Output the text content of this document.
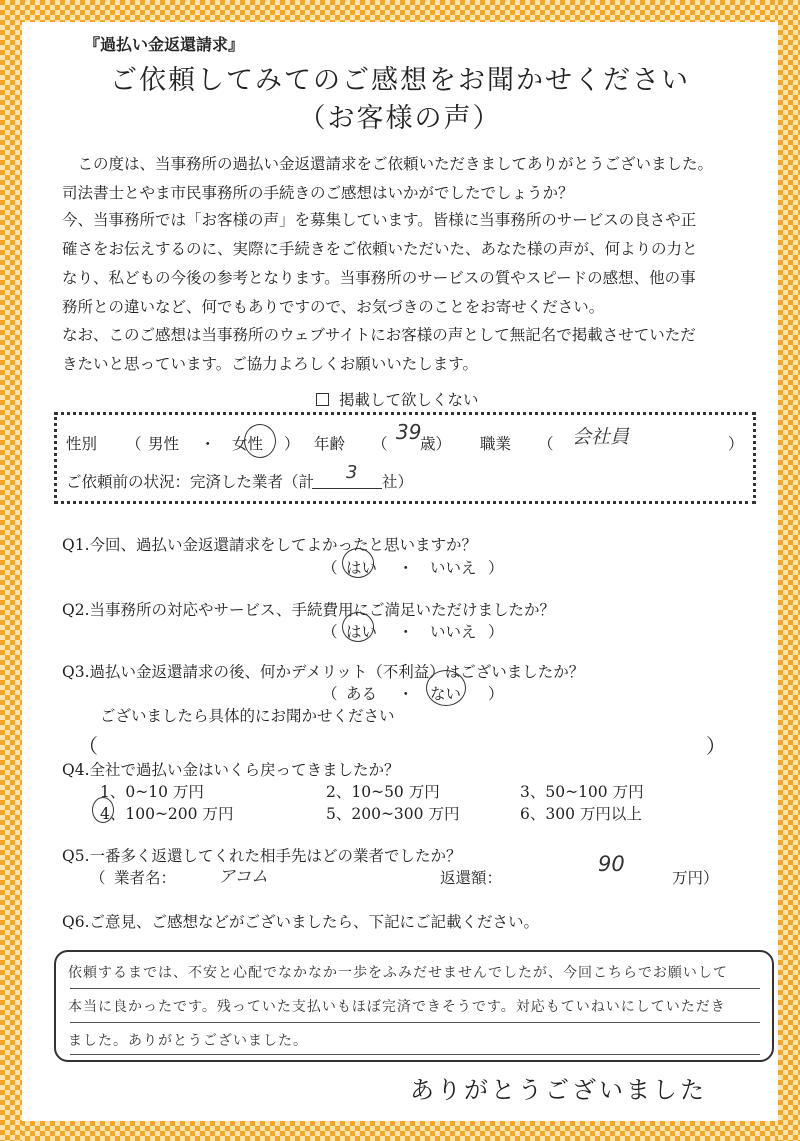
『過払い金返還請求』
ご依頼してみてのご感想をお聞かせください
（お客様の声）
　この度は、当事務所の過払い金返還請求をご依頼いただきましてありがとうございました。
司法書士とやま市民事務所の手続きのご感想はいかがでしたでしょうか？
今、当事務所では「お客様の声」を募集しています。皆様に当事務所のサービスの良さや正
確さをお伝えするのに、実際に手続きをご依頼いただいた、あなた様の声が、何よりの力と
なり、私どもの今後の参考となります。当事務所のサービスの質やスピードの感想、他の事
務所との違いなど、何でもありですので、お気づきのことをお寄せください。
なお、このご感想は当事務所のウェブサイトにお客様の声として無記名で掲載させていただ
きたいと思っています。ご協力よろしくお願いいたします。
掲載して欲しくない
性別 （ 男性 ・ 女性 ） 年齢 （ 39
歳） 職業 （ 会社員	）
ご依頼前の状況：完済した業者（計 3 社）
Q1.今回、過払い金返還請求をしてよかったと思いますか？
（ はい ・ いいえ ）
Q2.当事務所の対応やサービス、手続費用にご満足いただけましたか？
（ はい ・ いいえ ）
Q3.過払い金返還請求の後、何かデメリット（不利益）はございましたか？
（ ある ・ ない ）
ございましたら具体的にお聞かせください
（	）
Q4.全社で過払い金はいくら戻ってきましたか？
1、0~10 万円	2、10~50 万円	3、50~100 万円
4、100~200 万円	5、200~300 万円	6、300 万円以上
Q5.一番多く返還してくれた相手先はどの業者でしたか？
（ 業者名： アコム	返還額：
90
万円）
Q6.ご意見、ご感想などがございましたら、下記にご記載ください。
依頼するまでは、不安と心配でなかなか一歩をふみだせませんでしたが、今回こちらでお願いして
本当に良かったです。残っていた支払いもほぼ完済できそうです。対応もていねいにしていただき
ました。ありがとうございました。
ありがとうございました
